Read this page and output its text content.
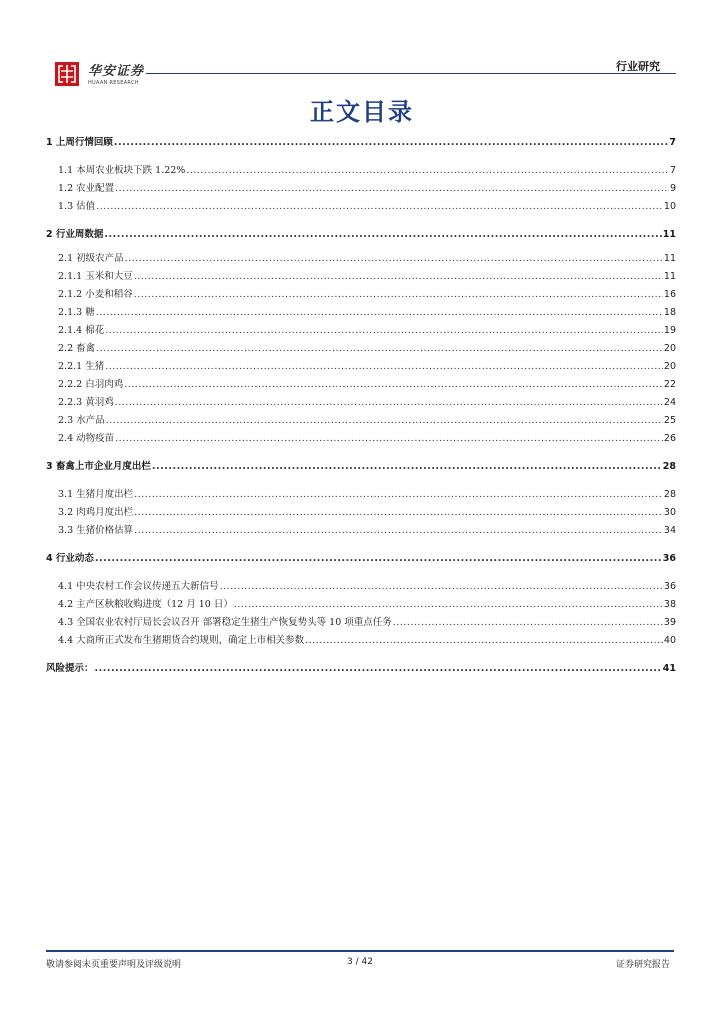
华安证券
HUAAN RESEARCH
行业研究
正文目录
1 上周行情回顾 .....	7
1.1 本周农业板块下跌 1.22% .....	7
1.2 农业配置 .....	9
1.3 估值 .....	10
2 行业周数据 .....	11
2.1 初级农产品 .....	11
2.1.1 玉米和大豆 .....	11
2.1.2 小麦和稻谷 .....	16
2.1.3 糖 .....	18
2.1.4 棉花 .....	19
2.2 畜禽 .....	20
2.2.1 生猪 .....	20
2.2.2 白羽肉鸡 .....	22
2.2.3 黄羽鸡 .....	24
2.3 水产品 .....	25
2.4 动物疫苗 .....	26
3 畜禽上市企业月度出栏 .....	28
3.1 生猪月度出栏 .....	28
3.2 肉鸡月度出栏 .....	30
3.3 生猪价格估算 .....	34
4 行业动态 .....	36
4.1 中央农村工作会议传递五大新信号 .....	36
4.2 主产区秋粮收购进度（12 月 10 日） .....	38
4.3 全国农业农村厅局长会议召开 部署稳定生猪生产恢复势头等 10 项重点任务 .....	39
4.4 大商所正式发布生猪期货合约规则，确定上市相关参数 .....	40
风险提示： .....	41
敬请参阅末页重要声明及评级说明	3 / 42	证券研究报告
